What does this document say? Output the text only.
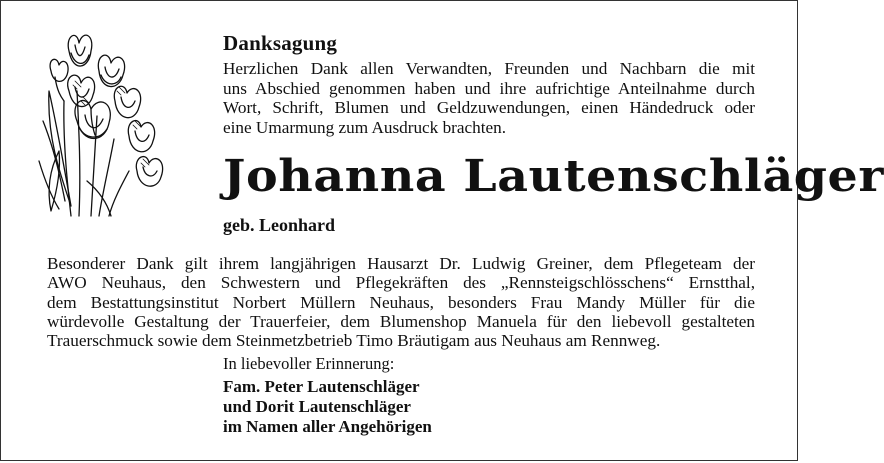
Danksagung
Herzlichen Dank allen Verwandten, Freunden und Nachbarn die mit
uns Abschied genommen haben und ihre aufrichtige Anteilnahme durch
Wort, Schrift, Blumen und Geldzuwendungen, einen Händedruck oder
eine Umarmung zum Ausdruck brachten.
Johanna Lautenschläger
geb. Leonhard
Besonderer Dank gilt ihrem langjährigen Hausarzt Dr. Ludwig Greiner, dem Pflegeteam der
AWO Neuhaus, den Schwestern und Pflegekräften des „Rennsteigschlösschens“ Ernstthal,
dem Bestattungsinstitut Norbert Müllern Neuhaus, besonders Frau Mandy Müller für die
würdevolle Gestaltung der Trauerfeier, dem Blumenshop Manuela für den liebevoll gestalteten
Trauerschmuck sowie dem Steinmetzbetrieb Timo Bräutigam aus Neuhaus am Rennweg.
In liebevoller Erinnerung:
Fam. Peter Lautenschläger
und Dorit Lautenschläger
im Namen aller Angehörigen
